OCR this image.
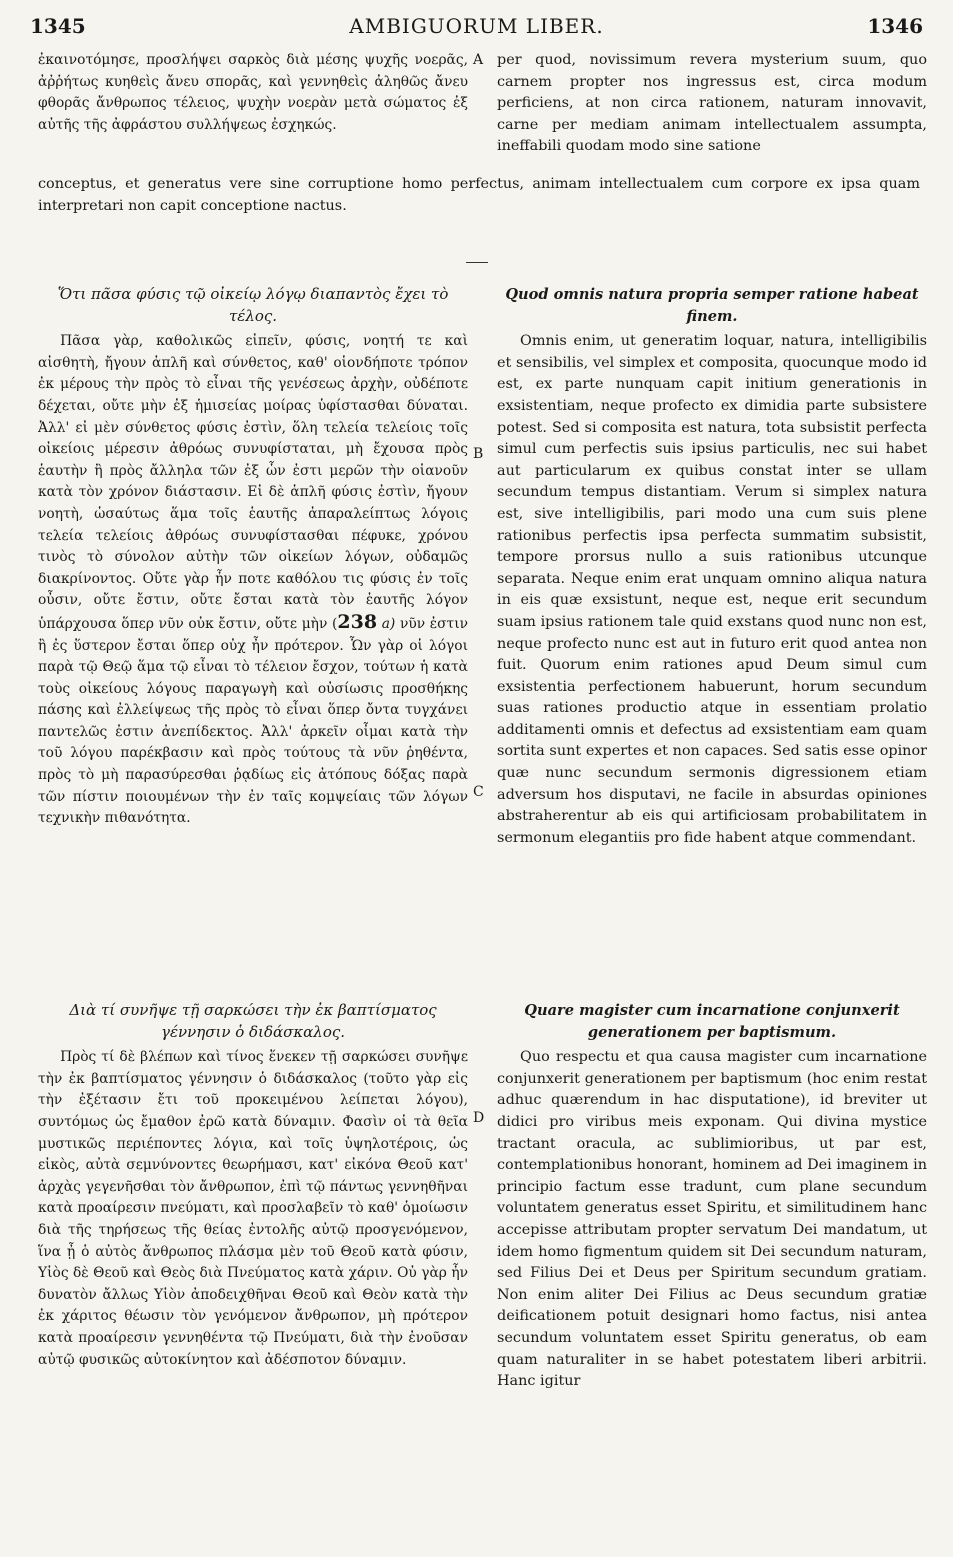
1345	AMBIGUORUM LIBER.	1346

ἐκαινοτόμησε, προσλήψει σαρκὸς διὰ μέσης ψυχῆς νοερᾶς, ἀῤῥήτως κυηθεὶς ἄνευ σπορᾶς, καὶ γεννηθεὶς ἀληθῶς ἄνευ φθορᾶς ἄνθρωπος τέλειος, ψυχὴν νοερὰν μετὰ σώματος ἐξ αὐτῆς τῆς ἀφράστου συλλήψεως ἐσχηκώς.

A per quod, novissimum revera mysterium suum, quo carnem propter nos ingressus est, circa modum perficiens, at non circa rationem, naturam innovavit, carne per mediam animam intellectualem assumpta, ineffabili quodam modo sine satione

conceptus, et generatus vere sine corruptione homo perfectus, animam intellectualem cum corpore ex ipsa quam interpretari non capit conceptione nactus.

Ὅτι πᾶσα φύσις τῷ οἰκείῳ λόγῳ διαπαντὸς ἔχει τὸ τέλος.

Πᾶσα γὰρ, καθολικῶς εἰπεῖν, φύσις, νοητή τε καὶ αἰσθητὴ, ἤγουν ἁπλῆ καὶ σύνθετος, καθ' οἱονδήποτε τρόπον ἐκ μέρους τὴν πρὸς τὸ εἶναι τῆς γενέσεως ἀρχὴν, οὐδέποτε δέχεται, οὔτε μὴν ἐξ ἡμισείας μοίρας ὑφίστασθαι δύναται. Ἀλλ' εἰ μὲν σύνθετος φύσις ἐστὶν, ὅλη τελεία τελείοις τοῖς οἰκείοις μέρεσιν ἀθρόως συνυφίσταται, μὴ ἔχουσα πρὸς ἑαυτὴν ἢ πρὸς ἄλληλα τῶν ἐξ ὧν ἐστι μερῶν τὴν οἱανοῦν κατὰ τὸν χρόνον διάστασιν. Εἰ δὲ ἁπλῆ φύσις ἐστὶν, ἤγουν νοητὴ, ὡσαύτως ἅμα τοῖς ἑαυτῆς ἀπαραλείπτως λόγοις τελεία τελείοις ἀθρόως συνυφίστασθαι πέφυκε, χρόνου τινὸς τὸ σύνολον αὐτὴν τῶν οἰκείων λόγων, οὐδαμῶς διακρίνοντος. Οὔτε γὰρ ἦν ποτε καθόλου τις φύσις ἐν τοῖς οὖσιν, οὔτε ἔστιν, οὔτε ἔσται κατὰ τὸν ἑαυτῆς λόγον ὑπάρχουσα ὅπερ νῦν οὐκ ἔστιν, οὔτε μὴν (238 a) νῦν ἐστιν ἢ ἐς ὕστερον ἔσται ὅπερ οὐχ ἦν πρότερον. Ὧν γὰρ οἱ λόγοι παρὰ τῷ Θεῷ ἅμα τῷ εἶναι τὸ τέλειον ἔσχον, τούτων ἡ κατὰ τοὺς οἰκείους λόγους παραγωγὴ καὶ οὐσίωσις προσθήκης πάσης καὶ ἐλλείψεως τῆς πρὸς τὸ εἶναι ὅπερ ὄντα τυγχάνει παντελῶς ἐστιν ἀνεπίδεκτος. Ἀλλ' ἀρκεῖν οἶμαι κατὰ τὴν τοῦ λόγου παρέκβασιν καὶ πρὸς τούτους τὰ νῦν ῥηθέντα, πρὸς τὸ μὴ παρασύρεσθαι ῥᾳδίως εἰς ἀτόπους δόξας παρὰ τῶν πίστιν ποιουμένων τὴν ἐν ταῖς κομψείαις τῶν λόγων τεχνικὴν πιθανότητα.

B
C
Quod omnis natura propria semper ratione habeat finem.

Omnis enim, ut generatim loquar, natura, intelligibilis et sensibilis, vel simplex et composita, quocunque modo id est, ex parte nunquam capit initium generationis in exsistentiam, neque profecto ex dimidia parte subsistere potest. Sed si composita est natura, tota subsistit perfecta simul cum perfectis suis ipsius particulis, nec sui habet aut particularum ex quibus constat inter se ullam secundum tempus distantiam. Verum si simplex natura est, sive intelligibilis, pari modo una cum suis plene rationibus perfectis ipsa perfecta summatim subsistit, tempore prorsus nullo a suis rationibus utcunque separata. Neque enim erat unquam omnino aliqua natura in eis quæ exsistunt, neque est, neque erit secundum suam ipsius rationem tale quid exstans quod nunc non est, neque profecto nunc est aut in futuro erit quod antea non fuit. Quorum enim rationes apud Deum simul cum exsistentia perfectionem habuerunt, horum secundum suas rationes productio atque in essentiam prolatio additamenti omnis et defectus ad exsistentiam eam quam sortita sunt expertes et non capaces. Sed satis esse opinor quæ nunc secundum sermonis digressionem etiam adversum hos disputavi, ne facile in absurdas opiniones abstraherentur ab eis qui artificiosam probabilitatem in sermonum elegantiis pro fide habent atque commendant.

Διὰ τί συνῆψε τῇ σαρκώσει τὴν ἐκ βαπτίσματος γέννησιν ὁ διδάσκαλος.

Πρὸς τί δὲ βλέπων καὶ τίνος ἕνεκεν τῇ σαρκώσει συνῆψε τὴν ἐκ βαπτίσματος γέννησιν ὁ διδάσκαλος (τοῦτο γὰρ εἰς τὴν ἐξέτασιν ἔτι τοῦ προκειμένου λείπεται λόγου), συντόμως ὡς ἔμαθον ἐρῶ κατὰ δύναμιν. Φασὶν οἱ τὰ θεῖα μυστικῶς περιέποντες λόγια, καὶ τοῖς ὑψηλοτέροις, ὡς εἰκὸς, αὐτὰ σεμνύνοντες θεωρήμασι, κατ' εἰκόνα Θεοῦ κατ' ἀρχὰς γεγενῆσθαι τὸν ἄνθρωπον, ἐπὶ τῷ πάντως γεννηθῆναι κατὰ προαίρεσιν πνεύματι, καὶ προσλαβεῖν τὸ καθ' ὁμοίωσιν διὰ τῆς τηρήσεως τῆς θείας ἐντολῆς αὐτῷ προσγενόμενον, ἵνα ᾖ ὁ αὐτὸς ἄνθρωπος πλάσμα μὲν τοῦ Θεοῦ κατὰ φύσιν, Υἱὸς δὲ Θεοῦ καὶ Θεὸς διὰ Πνεύματος κατὰ χάριν. Οὐ γὰρ ἦν δυνατὸν ἄλλως Υἱὸν ἀποδειχθῆναι Θεοῦ καὶ Θεὸν κατὰ τὴν ἐκ χάριτος θέωσιν τὸν γενόμενον ἄνθρωπον, μὴ πρότερον κατὰ προαίρεσιν γεννηθέντα τῷ Πνεύματι, διὰ τὴν ἐνοῦσαν αὐτῷ φυσικῶς αὐτοκίνητον καὶ ἀδέσποτον δύναμιν.

D
Quare magister cum incarnatione conjunxerit generationem per baptismum.

Quo respectu et qua causa magister cum incarnatione conjunxerit generationem per baptismum (hoc enim restat adhuc quærendum in hac disputatione), id breviter ut didici pro viribus meis exponam. Qui divina mystice tractant oracula, ac sublimioribus, ut par est, contemplationibus honorant, hominem ad Dei imaginem in principio factum esse tradunt, cum plane secundum voluntatem generatus esset Spiritu, et similitudinem hanc accepisse attributam propter servatum Dei mandatum, ut idem homo figmentum quidem sit Dei secundum naturam, sed Filius Dei et Deus per Spiritum secundum gratiam. Non enim aliter Dei Filius ac Deus secundum gratiæ deificationem potuit designari homo factus, nisi antea secundum voluntatem esset Spiritu generatus, ob eam quam naturaliter in se habet potestatem liberi arbitrii. Hanc igitur
